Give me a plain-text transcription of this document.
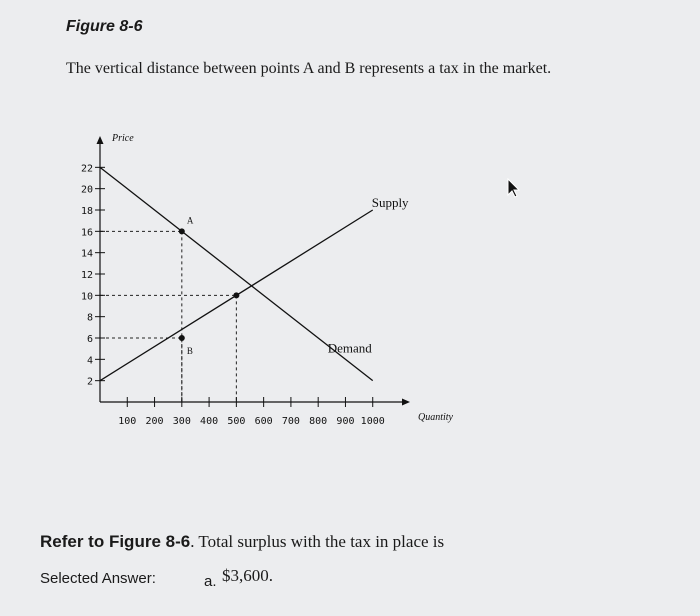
Figure 8-6
The vertical distance between points A and B represents a tax in the market.
Price
Quantity
2
4
6
8
10
12
14
16
18
20
22
100 200 300 400 500 600 700 800 900 1000
Supply
Demand
A
B
Refer to Figure 8-6. Total surplus with the tax in place is
Selected Answer:	a. $3,600.
